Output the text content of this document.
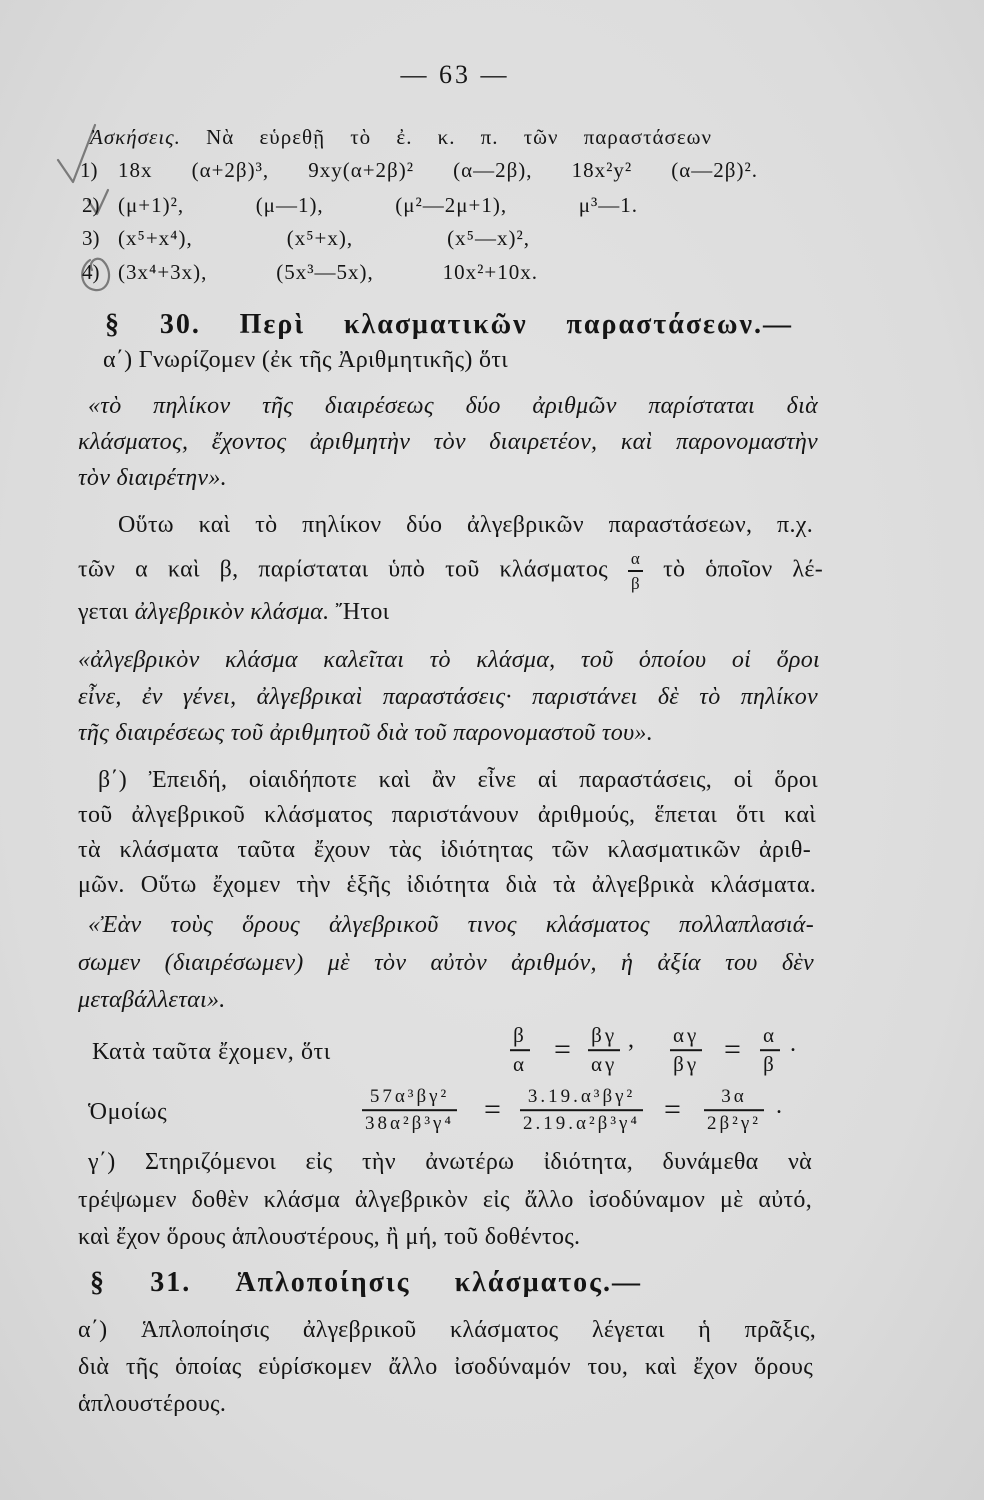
— 63 —
Ἀσκήσεις. Νὰ εὑρεθῇ τὸ ἐ. κ. π. τῶν παραστάσεων
1) 18x (α+2β)³, 9xy(α+2β)² (α—2β), 18x²y² (α—2β)².
2) (μ+1)², (μ—1), (μ²—2μ+1), μ³—1.
3) (x⁵+x⁴), (x⁵+x), (x⁵—x)²,
4) (3x⁴+3x), (5x³—5x), 10x²+10x.
§ 30. Περὶ κλασματικῶν παραστάσεων.—
α΄) Γνωρίζομεν (ἐκ τῆς Ἀριθμητικῆς) ὅτι
«τὸ πηλίκον τῆς διαιρέσεως δύο ἀριθμῶν παρίσταται διὰ
κλάσματος, ἔχοντος ἀριθμητὴν τὸν διαιρετέον, καὶ παρονομαστὴν
τὸν διαιρέτην».
Οὕτω καὶ τὸ πηλίκον δύο ἀλγεβρικῶν παραστάσεων, π.χ.
τῶν α καὶ β, παρίσταται ὑπὸ τοῦ κλάσματος $\frac{\alpha}{\beta}$ τὸ ὁποῖον λέ-
γεται ἀλγεβρικὸν κλάσμα. Ἤτοι
«ἀλγεβρικὸν κλάσμα καλεῖται τὸ κλάσμα, τοῦ ὁποίου οἱ ὅροι
εἶνε, ἐν γένει, ἀλγεβρικαὶ παραστάσεις· παριστάνει δὲ τὸ πηλίκον
τῆς διαιρέσεως τοῦ ἀριθμητοῦ διὰ τοῦ παρονομαστοῦ του».
β΄) Ἐπειδή, οἱαιδήποτε καὶ ἂν εἶνε αἱ παραστάσεις, οἱ ὅροι
τοῦ ἀλγεβρικοῦ κλάσματος παριστάνουν ἀριθμούς, ἕπεται ὅτι καὶ
τὰ κλάσματα ταῦτα ἔχουν τὰς ἰδιότητας τῶν κλασματικῶν ἀριθ-
μῶν. Οὕτω ἔχομεν τὴν ἑξῆς ἰδιότητα διὰ τὰ ἀλγεβρικὰ κλάσματα.
«Ἐὰν τοὺς ὅρους ἀλγεβρικοῦ τινος κλάσματος πολλαπλασιά-
σωμεν (διαιρέσωμεν) μὲ τὸν αὐτὸν ἀριθμόν, ἡ ἀξία του δὲν
μεταβάλλεται».
Κατὰ ταῦτα ἔχομεν, ὅτι
β
α = βγ
αγ
, αγ
βγ = α
β
.
Ὁμοίως
57α³βγ²
38α²β³γ⁴ = 3.19.α³βγ²
2.19.α²β³γ⁴ = 3α
2β²γ²
.
γ΄) Στηριζόμενοι εἰς τὴν ἀνωτέρω ἰδιότητα, δυνάμεθα νὰ
τρέψωμεν δοθὲν κλάσμα ἀλγεβρικὸν εἰς ἄλλο ἰσοδύναμον μὲ αὐτό,
καὶ ἔχον ὅρους ἁπλουστέρους, ἢ μή, τοῦ δοθέντος.
§ 31. Ἁπλοποίησις κλάσματος.—
α΄) Ἁπλοποίησις ἀλγεβρικοῦ κλάσματος λέγεται ἡ πρᾶξις,
διὰ τῆς ὁποίας εὑρίσκομεν ἄλλο ἰσοδύναμόν του, καὶ ἔχον ὅρους
ἁπλουστέρους.
